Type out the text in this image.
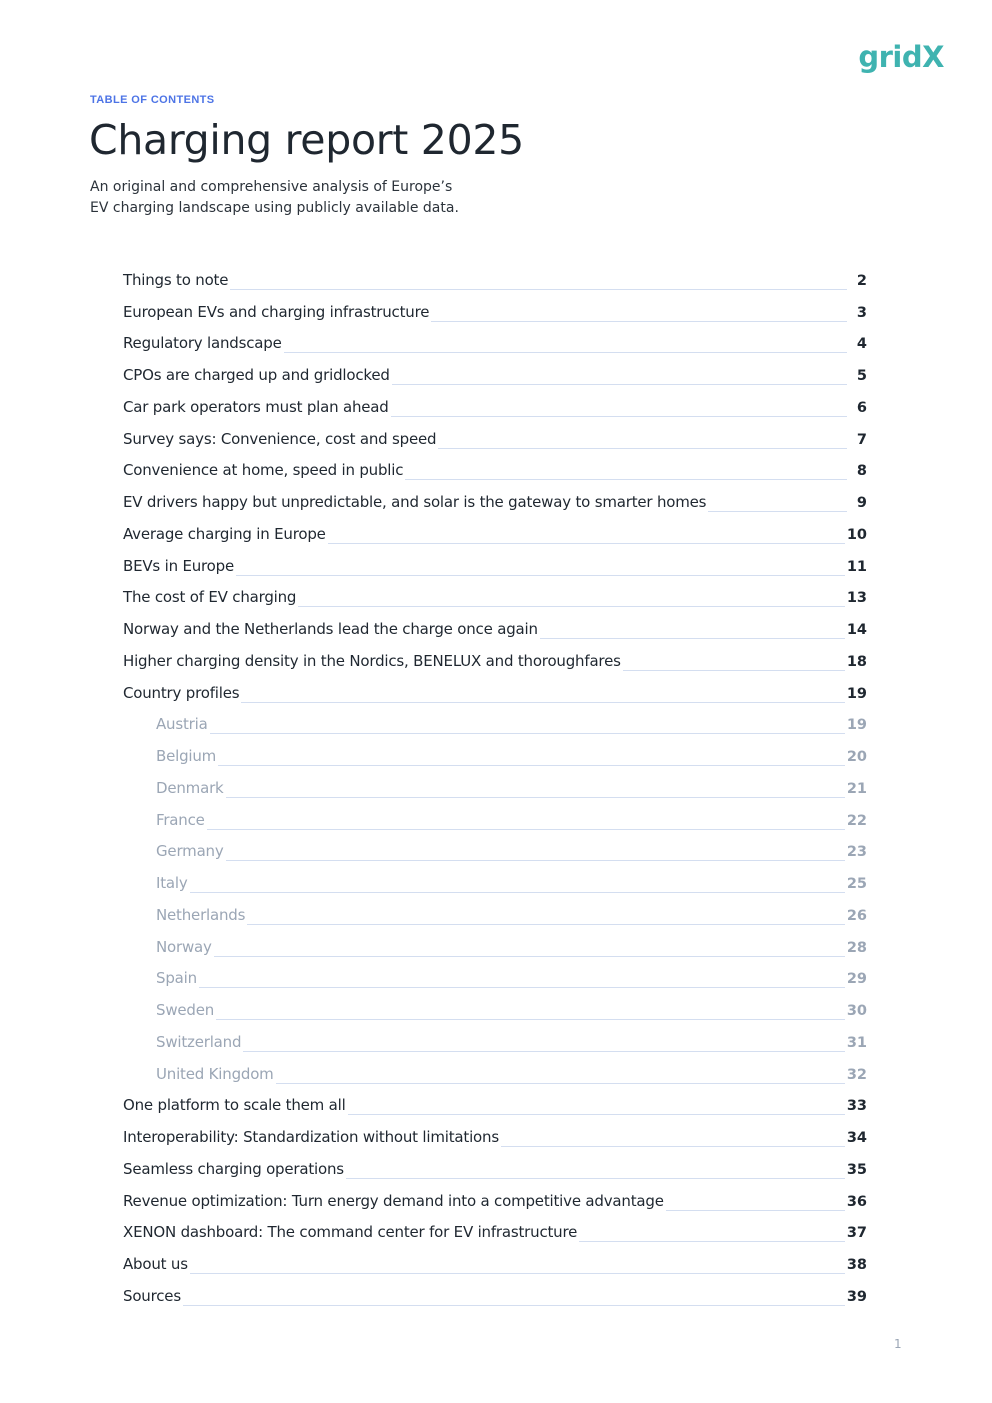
gridX
TABLE OF CONTENTS
Charging report 2025
An original and comprehensive analysis of Europe’s
EV charging landscape using publicly available data.
Things to note	2
European EVs and charging infrastructure	3
Regulatory landscape	4
CPOs are charged up and gridlocked	5
Car park operators must plan ahead	6
Survey says: Convenience, cost and speed	7
Convenience at home, speed in public	8
EV drivers happy but unpredictable, and solar is the gateway to smarter homes	9
Average charging in Europe	10
BEVs in Europe	11
The cost of EV charging	13
Norway and the Netherlands lead the charge once again	14
Higher charging density in the Nordics, BENELUX and thoroughfares	18
Country profiles	19
Austria	19
Belgium	20
Denmark	21
France	22
Germany	23
Italy	25
Netherlands	26
Norway	28
Spain	29
Sweden	30
Switzerland	31
United Kingdom	32
One platform to scale them all	33
Interoperability: Standardization without limitations	34
Seamless charging operations	35
Revenue optimization: Turn energy demand into a competitive advantage	36
XENON dashboard: The command center for EV infrastructure	37
About us	38
Sources	39
1
